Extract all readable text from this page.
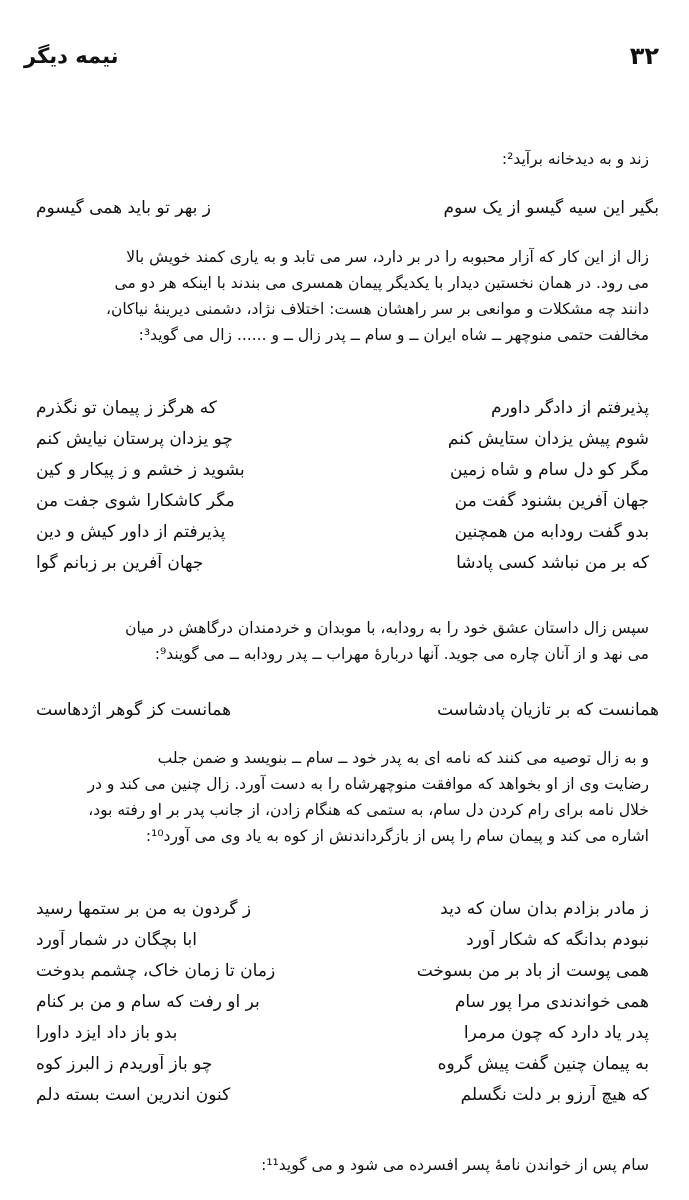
۳۲
نیمه دیگر
زند و به دیدخانه برآید²:
بگیر این سیه گیسو از یک سوم
ز بهر تو باید همی گیسوم
زال از این کار که آزار محبوبه را در بر دارد، سر می تابد و به یاری کمند خویش بالا
می رود. در همان نخستین دیدار با یکدیگر پیمان همسری می بندند با اینکه هر دو می
دانند چه مشکلات و موانعی بر سر راهشان هست: اختلاف نژاد، دشمنی دیرینهٔ نیاکان،
مخالفت حتمی منوچهر ــ شاه ایران ــ و سام ــ پدر زال ــ و ...... زال می گوید³:
پذیرفتم از دادگر داورم
که هرگز ز پیمان تو نگذرم
شوم پیش یزدان ستایش کنم
چو یزدان پرستان نیایش کنم
مگر کو دل سام و شاه زمین
بشوید ز خشم و ز پیکار و کین
جهان آفرین بشنود گفت من
مگر کاشکارا شوی جفت من
بدو گفت رودابه من همچنین
پذیرفتم از داور کیش و دین
که بر من نباشد کسی پادشا
جهان آفرین بر زبانم گوا
سپس زال داستان عشق خود را به رودابه، با موبدان و خردمندان درگاهش در میان
می نهد و از آنان چاره می جوید. آنها دربارهٔ مهراب ــ پدر رودابه ــ می گویند⁹:
همانست که بر تازیان پادشاست
همانست کز گوهر اژدهاست
و به زال توصیه می کنند که نامه ای به پدر خود ــ سام ــ بنویسد و ضمن جلب
رضایت وی از او بخواهد که موافقت منوچهرشاه را به دست آورد. زال چنین می کند و در
خلال نامه برای رام کردن دل سام، به ستمی که هنگام زادن، از جانب پدر بر او رفته بود،
اشاره می کند و پیمان سام را پس از بازگرداندنش از کوه به یاد وی می آورد¹⁰:
ز مادر بزادم بدان سان که دید
ز گردون به من بر ستمها رسید
نبودم بدانگه که شکار آورد
ابا بچگان در شمار آورد
همی پوست از باد بر من بسوخت
زمان تا زمان خاک، چشمم بدوخت
همی خواندندی مرا پور سام
بر او رفت که سام و من بر کنام
پدر یاد دارد که چون مرمرا
بدو باز داد ایزد داورا
به پیمان چنین گفت پیش گروه
چو باز آوریدم ز البرز کوه
که هیچ آرزو بر دلت نگسلم
کنون اندرین است بسته دلم
سام پس از خواندن نامهٔ پسر افسرده می شود و می گوید¹¹:
